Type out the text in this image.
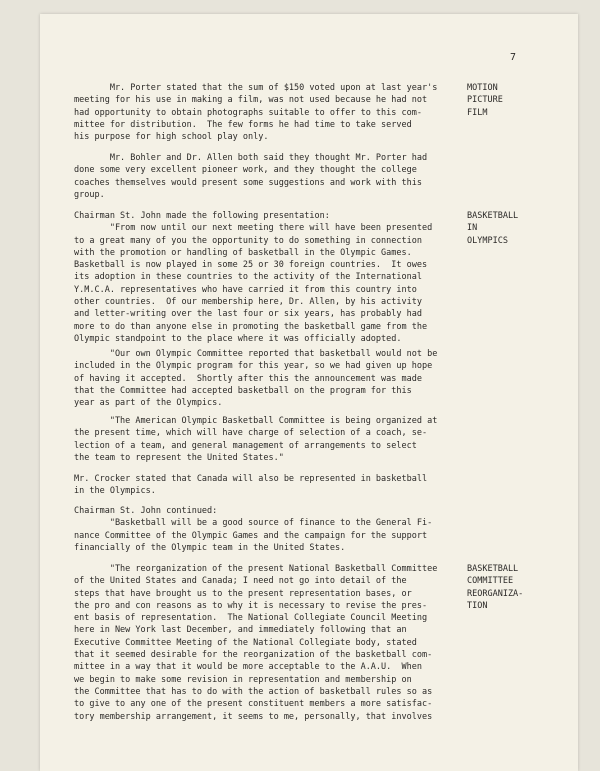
7

Mr. Porter stated that the sum of $150 voted upon at last year's
meeting for his use in making a film, was not used because he had not
had opportunity to obtain photographs suitable to offer to this com-
mittee for distribution.  The few forms he had time to take served
his purpose for high school play only.

Mr. Bohler and Dr. Allen both said they thought Mr. Porter had
done some very excellent pioneer work, and they thought the college
coaches themselves would present some suggestions and work with this
group.

Chairman St. John made the following presentation:
"From now until our next meeting there will have been presented
to a great many of you the opportunity to do something in connection
with the promotion or handling of basketball in the Olympic Games.
Basketball is now played in some 25 or 30 foreign countries.  It owes
its adoption in these countries to the activity of the International
Y.M.C.A. representatives who have carried it from this country into
other countries.  Of our membership here, Dr. Allen, by his activity
and letter-writing over the last four or six years, has probably had
more to do than anyone else in promoting the basketball game from the
Olympic standpoint to the place where it was officially adopted.

"Our own Olympic Committee reported that basketball would not be
included in the Olympic program for this year, so we had given up hope
of having it accepted.  Shortly after this the announcement was made
that the Committee had accepted basketball on the program for this
year as part of the Olympics.

"The American Olympic Basketball Committee is being organized at
the present time, which will have charge of selection of a coach, se-
lection of a team, and general management of arrangements to select
the team to represent the United States."

Mr. Crocker stated that Canada will also be represented in basketball
in the Olympics.

Chairman St. John continued:
"Basketball will be a good source of finance to the General Fi-
nance Committee of the Olympic Games and the campaign for the support
financially of the Olympic team in the United States.

"The reorganization of the present National Basketball Committee
of the United States and Canada; I need not go into detail of the
steps that have brought us to the present representation bases, or
the pro and con reasons as to why it is necessary to revise the pres-
ent basis of representation.  The National Collegiate Council Meeting
here in New York last December, and immediately following that an
Executive Committee Meeting of the National Collegiate body, stated
that it seemed desirable for the reorganization of the basketball com-
mittee in a way that it would be more acceptable to the A.A.U.  When
we begin to make some revision in representation and membership on
the Committee that has to do with the action of basketball rules so as
to give to any one of the present constituent members a more satisfac-
tory membership arrangement, it seems to me, personally, that involves

MOTION
PICTURE
FILM

BASKETBALL
IN
OLYMPICS

BASKETBALL
COMMITTEE
REORGANIZA-
TION
